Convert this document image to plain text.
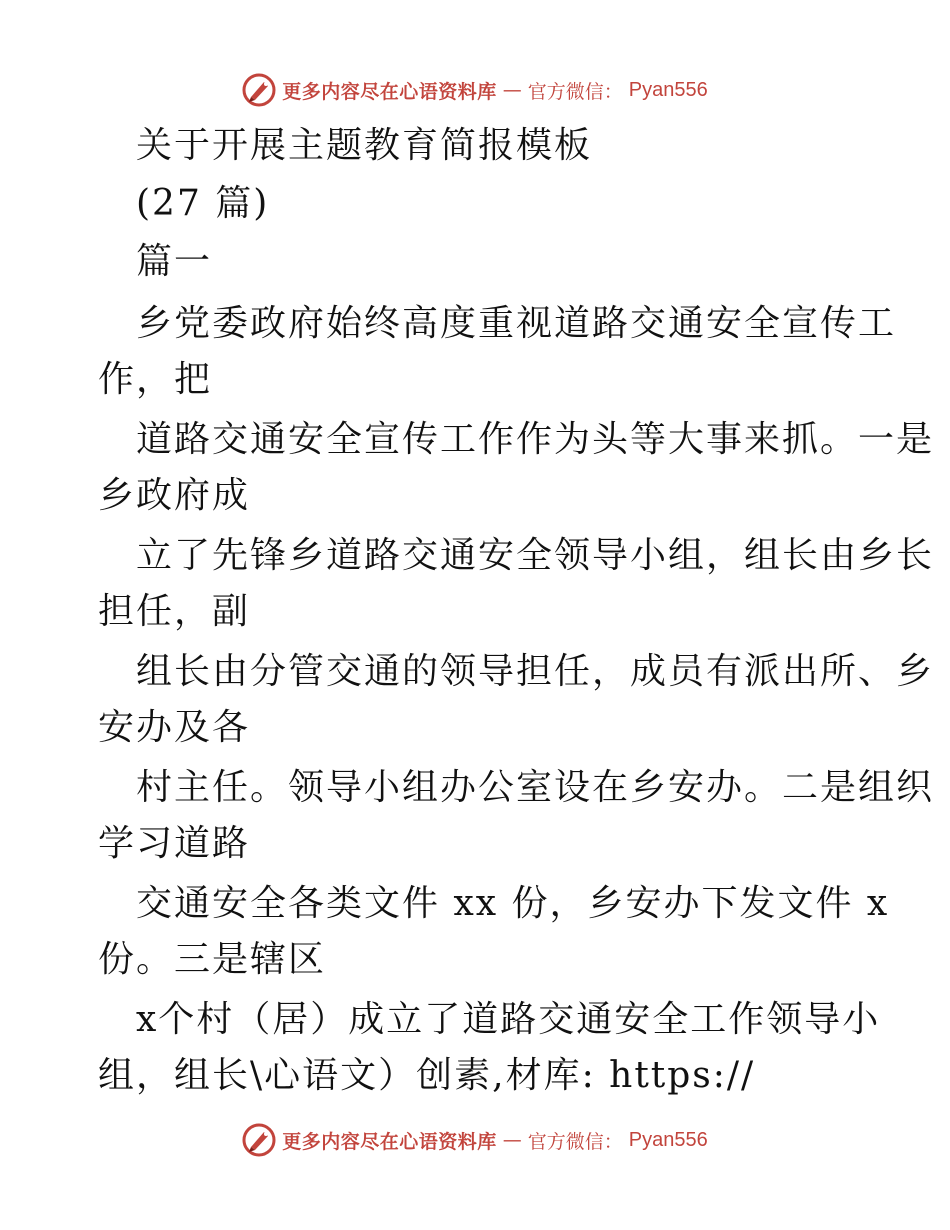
更多内容尽在心语资料库 — 官方微信： Pyan556
关于开展主题教育简报模板
(27 篇)
篇一
乡党委政府始终高度重视道路交通安全宣传工
作，把
道路交通安全宣传工作作为头等大事来抓。一是
乡政府成
立了先锋乡道路交通安全领导小组，组长由乡长
担任，副
组长由分管交通的领导担任，成员有派出所、乡
安办及各
村主任。领导小组办公室设在乡安办。二是组织
学习道路
交通安全各类文件 xx 份，乡安办下发文件 x
份。三是辖区
x个村（居）成立了道路交通安全工作领导小
组，组长\心语文）创素,材库: https://
更多内容尽在心语资料库 — 官方微信： Pyan556
